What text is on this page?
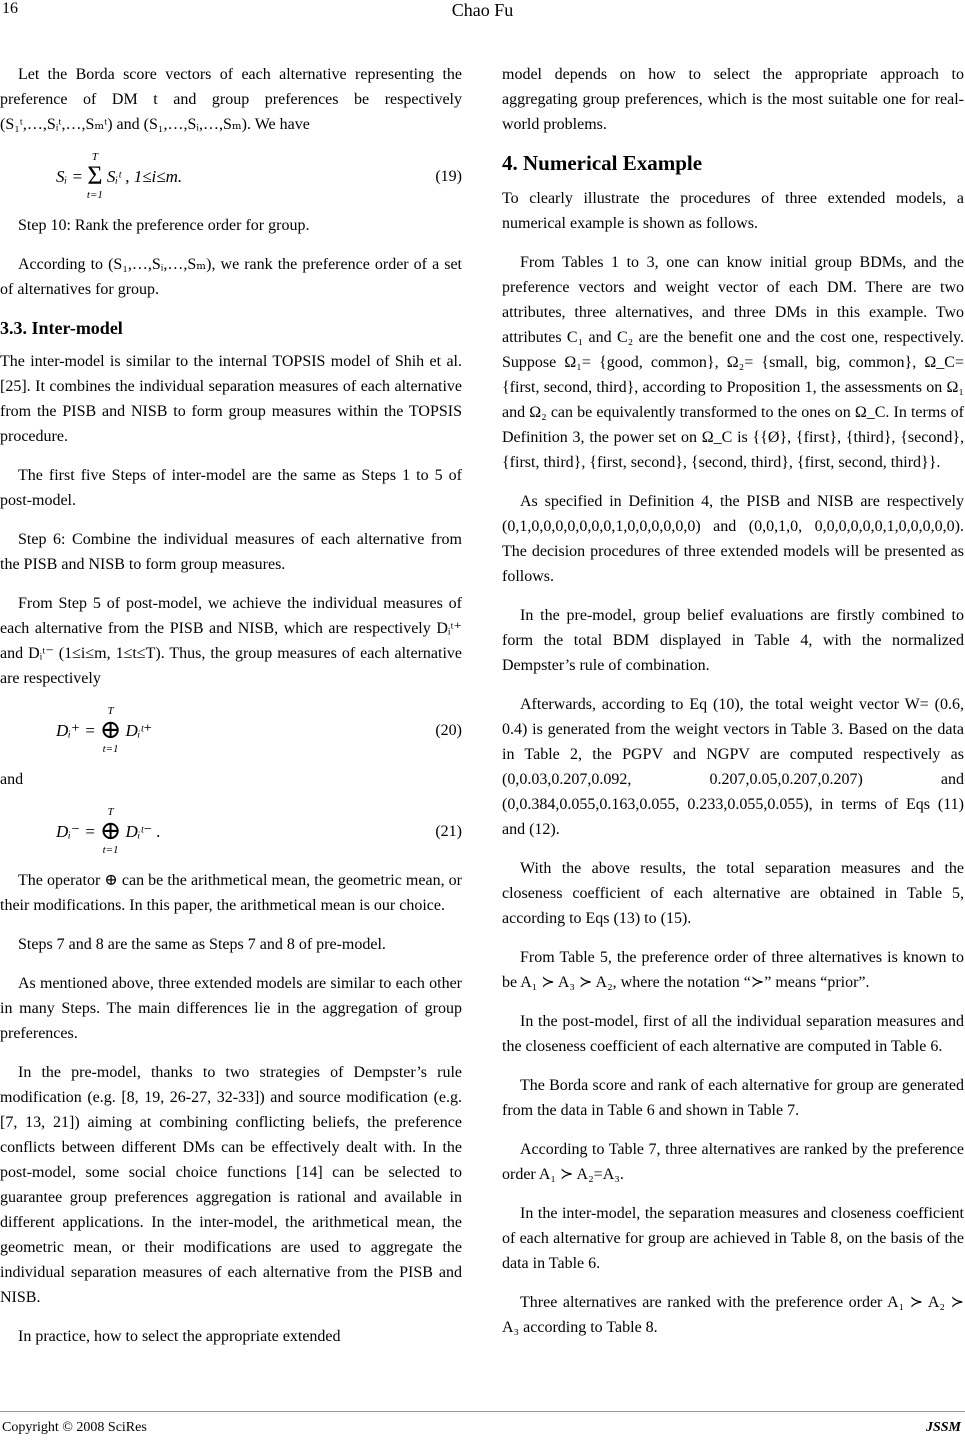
16	Chao Fu

Let the Borda score vectors of each alternative representing the preference of DM t and group preferences be respectively (S₁ᵗ,…,Sᵢᵗ,…,Sₘᵗ) and (S₁,…,Sᵢ,…,Sₘ). We have

Sᵢ =
T
Σ
t=1
Sᵢᵗ , 1≤i≤m.	(19)

Step 10: Rank the preference order for group.

According to (S₁,…,Sᵢ,…,Sₘ), we rank the preference order of a set of alternatives for group.

3.3. Inter-model

The inter-model is similar to the internal TOPSIS model of Shih et al. [25]. It combines the individual separation measures of each alternative from the PISB and NISB to form group measures within the TOPSIS procedure.

The first five Steps of inter-model are the same as Steps 1 to 5 of post-model.

Step 6: Combine the individual measures of each alternative from the PISB and NISB to form group measures.

From Step 5 of post-model, we achieve the individual measures of each alternative from the PISB and NISB, which are respectively Dᵢᵗ⁺ and Dᵢᵗ⁻ (1≤i≤m, 1≤t≤T). Thus, the group measures of each alternative are respectively

Dᵢ⁺ =
T
⊕
t=1
Dᵢᵗ⁺	(20)

and

Dᵢ⁻ =
T
⊕
t=1
Dᵢᵗ⁻ .	(21)

The operator ⊕ can be the arithmetical mean, the geometric mean, or their modifications. In this paper, the arithmetical mean is our choice.

Steps 7 and 8 are the same as Steps 7 and 8 of pre-model.

As mentioned above, three extended models are similar to each other in many Steps. The main differences lie in the aggregation of group preferences.

In the pre-model, thanks to two strategies of Dempster’s rule modification (e.g. [8, 19, 26-27, 32-33]) and source modification (e.g. [7, 13, 21]) aiming at combining conflicting beliefs, the preference conflicts between different DMs can be effectively dealt with. In the post-model, some social choice functions [14] can be selected to guarantee group preferences aggregation is rational and available in different applications. In the inter-model, the arithmetical mean, the geometric mean, or their modifications are used to aggregate the individual separation measures of each alternative from the PISB and NISB.

In practice, how to select the appropriate extended

model depends on how to select the appropriate approach to aggregating group preferences, which is the most suitable one for real-world problems.

4. Numerical Example

To clearly illustrate the procedures of three extended models, a numerical example is shown as follows.

From Tables 1 to 3, one can know initial group BDMs, and the preference vectors and weight vector of each DM. There are two attributes, three alternatives, and three DMs in this example. Two attributes C₁ and C₂ are the benefit one and the cost one, respectively. Suppose Ω₁= {good, common}, Ω₂= {small, big, common}, Ω_C= {first, second, third}, according to Proposition 1, the assessments on Ω₁ and Ω₂ can be equivalently transformed to the ones on Ω_C. In terms of Definition 3, the power set on Ω_C is {{Ø}, {first}, {third}, {second}, {first, third}, {first, second}, {second, third}, {first, second, third}}.

As specified in Definition 4, the PISB and NISB are respectively (0,1,0,0,0,0,0,0,0,1,0,0,0,0,0,0) and (0,0,1,0, 0,0,0,0,0,0,1,0,0,0,0,0). The decision procedures of three extended models will be presented as follows.

In the pre-model, group belief evaluations are firstly combined to form the total BDM displayed in Table 4, with the normalized Dempster’s rule of combination.

Afterwards, according to Eq (10), the total weight vector W= (0.6, 0.4) is generated from the weight vectors in Table 3. Based on the data in Table 2, the PGPV and NGPV are computed respectively as (0,0.03,0.207,0.092, 0.207,0.05,0.207,0.207) and (0,0.384,0.055,0.163,0.055, 0.233,0.055,0.055), in terms of Eqs (11) and (12).

With the above results, the total separation measures and the closeness coefficient of each alternative are obtained in Table 5, according to Eqs (13) to (15).

From Table 5, the preference order of three alternatives is known to be A₁ ≻ A₃ ≻ A₂, where the notation “≻” means “prior”.

In the post-model, first of all the individual separation measures and the closeness coefficient of each alternative are computed in Table 6.

The Borda score and rank of each alternative for group are generated from the data in Table 6 and shown in Table 7.

According to Table 7, three alternatives are ranked by the preference order A₁ ≻ A₂=A₃.

In the inter-model, the separation measures and closeness coefficient of each alternative for group are achieved in Table 8, on the basis of the data in Table 6.

Three alternatives are ranked with the preference order A₁ ≻ A₂ ≻ A₃ according to Table 8.

Copyright © 2008 SciRes	JSSM
